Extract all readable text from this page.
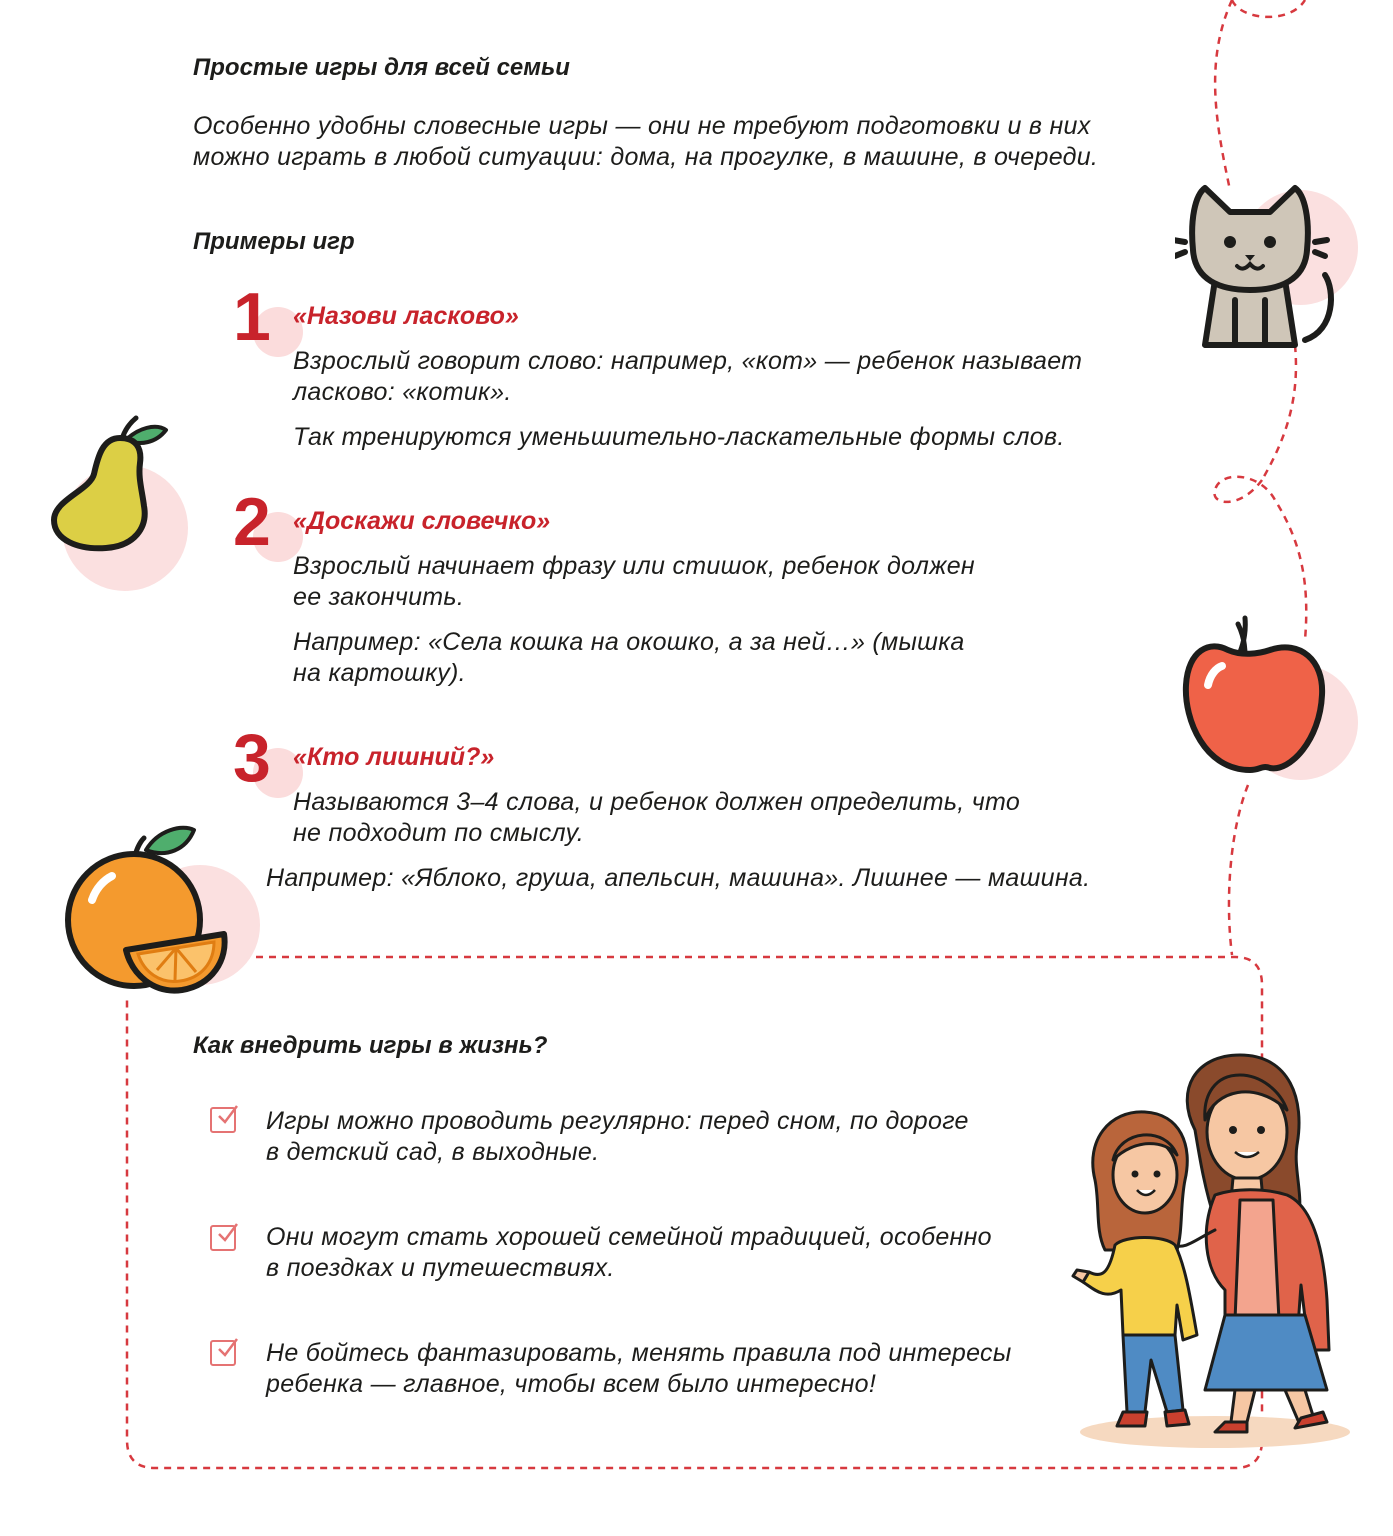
Простые игры для всей семьи

Особенно удобны словесные игры — они не требуют подготовки и в них

можно играть в любой ситуации: дома, на прогулке, в машине, в очереди.

Примеры игр

1 «Назови ласково»

Взрослый говорит слово: например, «кот» — ребенок называет

ласково: «котик».

Так тренируются уменьшительно-ласкательные формы слов.

2 «Доскажи словечко»

Взрослый начинает фразу или стишок, ребенок должен

ее закончить.

Например: «Села кошка на окошко, а за ней…» (мышка

на картошку).

3 «Кто лишний?»

Называются 3–4 слова, и ребенок должен определить, что

не подходит по смыслу.

Например: «Яблоко, груша, апельсин, машина». Лишнее — машина.

Как внедрить игры в жизнь?

Игры можно проводить регулярно: перед сном, по дороге

в детский сад, в выходные.

Они могут стать хорошей семейной традицией, особенно

в поездках и путешествиях.

Не бойтесь фантазировать, менять правила под интересы

ребенка — главное, чтобы всем было интересно!
